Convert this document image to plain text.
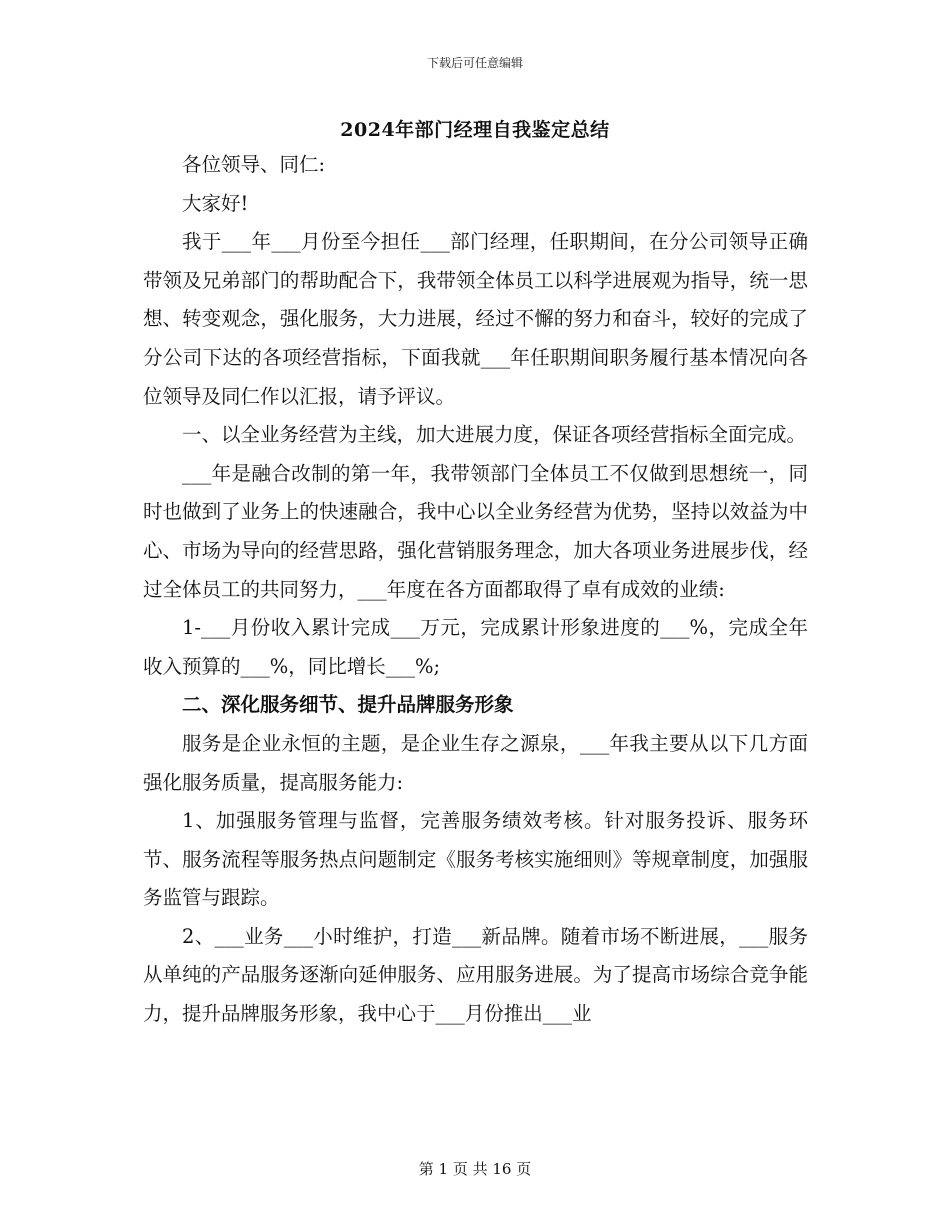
下载后可任意编辑
2024年部门经理自我鉴定总结

各位领导、同仁:

大家好!

我于___年___月份至今担任___部门经理，任职期间，在分公司领导正确带领及兄弟部门的帮助配合下，我带领全体员工以科学进展观为指导，统一思想、转变观念，强化服务，大力进展，经过不懈的努力和奋斗，较好的完成了分公司下达的各项经营指标，下面我就___年任职期间职务履行基本情况向各位领导及同仁作以汇报，请予评议。

一、以全业务经营为主线，加大进展力度，保证各项经营指标全面完成。

___年是融合改制的第一年，我带领部门全体员工不仅做到思想统一，同时也做到了业务上的快速融合，我中心以全业务经营为优势，坚持以效益为中心、市场为导向的经营思路，强化营销服务理念，加大各项业务进展步伐，经过全体员工的共同努力，___年度在各方面都取得了卓有成效的业绩:

1-___月份收入累计完成___万元，完成累计形象进度的___%，完成全年收入预算的___%，同比增长___%;

二、深化服务细节、提升品牌服务形象

服务是企业永恒的主题，是企业生存之源泉，___年我主要从以下几方面强化服务质量，提高服务能力:

1、加强服务管理与监督，完善服务绩效考核。针对服务投诉、服务环节、服务流程等服务热点问题制定《服务考核实施细则》等规章制度，加强服务监管与跟踪。

2、___业务___小时维护，打造___新品牌。随着市场不断进展，___服务从单纯的产品服务逐渐向延伸服务、应用服务进展。为了提高市场综合竞争能力，提升品牌服务形象，我中心于___月份推出___业

第 1 页 共 16 页
